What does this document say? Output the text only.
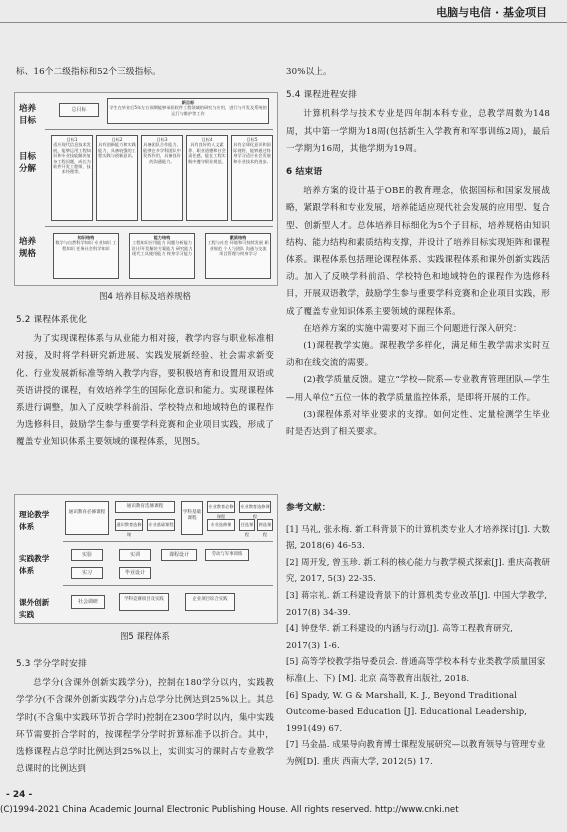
电脑与电信 · 基金项目

标、16个二级指标和52个三级指标。

培养
目标
目标
分解
培养
规格
总目标
新目标
学生在毕业后5年左右预期能够承担软件工程领域的研究与应用，进行与开发及系统的运行与维护等工作
目标1
适应现代信息技术发展，能够运用工程知识和专业技能解决复杂工程问题，成长为软件开发工程师，技术经理等。
目标2
具有创新能力和实践能力，具备较强的工程实践与创新意识。
目标3
具备团队合作能力，能够在多学科团队中发挥作用，具备良好的沟通能力。
目标4
具有良好的人文素养、职业道德和社会责任感，能在工程实践中遵守职业规范。
目标5
具有全球化意识和国际视野，能够通过终身学习适应社会发展和专业技术的进步。
知识结构
数学与自然科学知识 专业知识 工程知识 任务社会科学知识
能力结构
工程知识应用能力 问题分析能力 设计/开发解决方案能力 研究能力 现代工具使用能力 终身学习能力
素质结构
工程与社会 环境和可持续发展 职业规范 个人与团队 沟通与交流 项目管理与终身学习
图4 培养目标及培养规格
5.2 课程体系优化

为了实现课程体系与从业能力相对接，教学内容与职业标准相对接，及时将学科研究新进展、实践发展新经验、社会需求新变化、行业发展新标准等纳入教学内容，要积极培育和设置用双语或英语讲授的课程，有效培养学生的国际化意识和能力。实现课程体系进行调整，加入了反映学科前沿、学校特点和地域特色的课程作为选修科目，鼓励学生参与重要学科竞赛和企业项目实践，形成了覆盖专业知识体系主要领域的课程体系，见图5。

理论教学
体系
实践教学
体系
课外创新
实践
通识教育必修课程
通识教育选修课程
学科基础课程
专业教育必修课程
专业教育选修课程
通识教育选修课
专业基础课程	专业选修课	任选课程
跨选课程
实验	实训	课程设计	劳动与军事训练
实习	毕业设计
社会调研	学科竞赛项目及实践	企业项目综合实践
图5 课程体系
5.3 学分学时安排

总学分(含课外创新实践学分)，控制在180学分以内，实践教学学分(不含课外创新实践学分)占总学分比例达到25%以上。其总学时(不含集中实践环节折合学时)控制在2300学时以内，集中实践环节需要折合学时的，按课程学分学时折算标准予以折合。其中，选修课程占总学时比例达到25%以上，实训实习的课时占专业教学总课时的比例达到

30%以上。

5.4 课程进程安排

计算机科学与技术专业是四年制本科专业，总教学周数为148周，其中第一学期为18周(包括新生入学教育和军事训练2周)，最后一学期为16周，其他学期为19周。

6 结束语

培养方案的设计基于OBE的教育理念，依据国标和国家发展战略，紧跟学科和专业发展，培养能适应现代社会发展的应用型、复合型、创新型人才。总体培养目标细化为5个子目标，培养规格由知识结构、能力结构和素质结构支撑，并设计了培养目标实现矩阵和课程体系。课程体系包括理论课程体系、实践课程体系和课外创新实践活动。加入了反映学科前沿、学校特色和地域特色的课程作为选修科目，开展双语教学，鼓励学生参与重要学科竞赛和企业项目实践，形成了覆盖专业知识体系主要领域的课程体系。

在培养方案的实施中需要对下面三个问题进行深入研究：

(1)课程教学实施。课程教学多样化，满足师生教学需求实时互动和在线交流的需要。

(2)教学质量反馈。建立“学校—院系—专业教育管理团队—学生—用人单位”五位一体的教学质量监控体系，是即将开展的工作。

(3)课程体系对毕业要求的支撑。如何定性、定量检测学生毕业时是否达到了相关要求。

参考文献：
[1] 马礼, 张永梅. 新工科背景下的计算机类专业人才培养探讨[J]. 大数据, 2018(6) 46-53.
[2] 周开发, 曾玉珍. 新工科的核心能力与教学模式探索[J]. 重庆高教研究, 2017, 5(3) 22-35.
[3] 蒋宗礼. 新工科建设背景下的计算机类专业改革[J]. 中国大学教学, 2017(8) 34-39.
[4] 钟登华. 新工科建设的内涵与行动[J]. 高等工程教育研究, 2017(3) 1-6.
[5] 高等学校教学指导委员会. 普通高等学校本科专业类教学质量国家标准(上、下) [M]. 北京 高等教育出版社, 2018.
[6] Spady, W. G & Marshall, K. J., Beyond Traditional Outcome-based Education [J]. Educational Leadership, 1991(49) 67.
[7] 马金晶. 成果导向教育博士课程发展研究—以教育领导与管理专业为例[D]. 重庆 西南大学, 2012(5) 17.
- 24 -
(C)1994-2021 China Academic Journal Electronic Publishing House. All rights reserved. http://www.cnki.net
